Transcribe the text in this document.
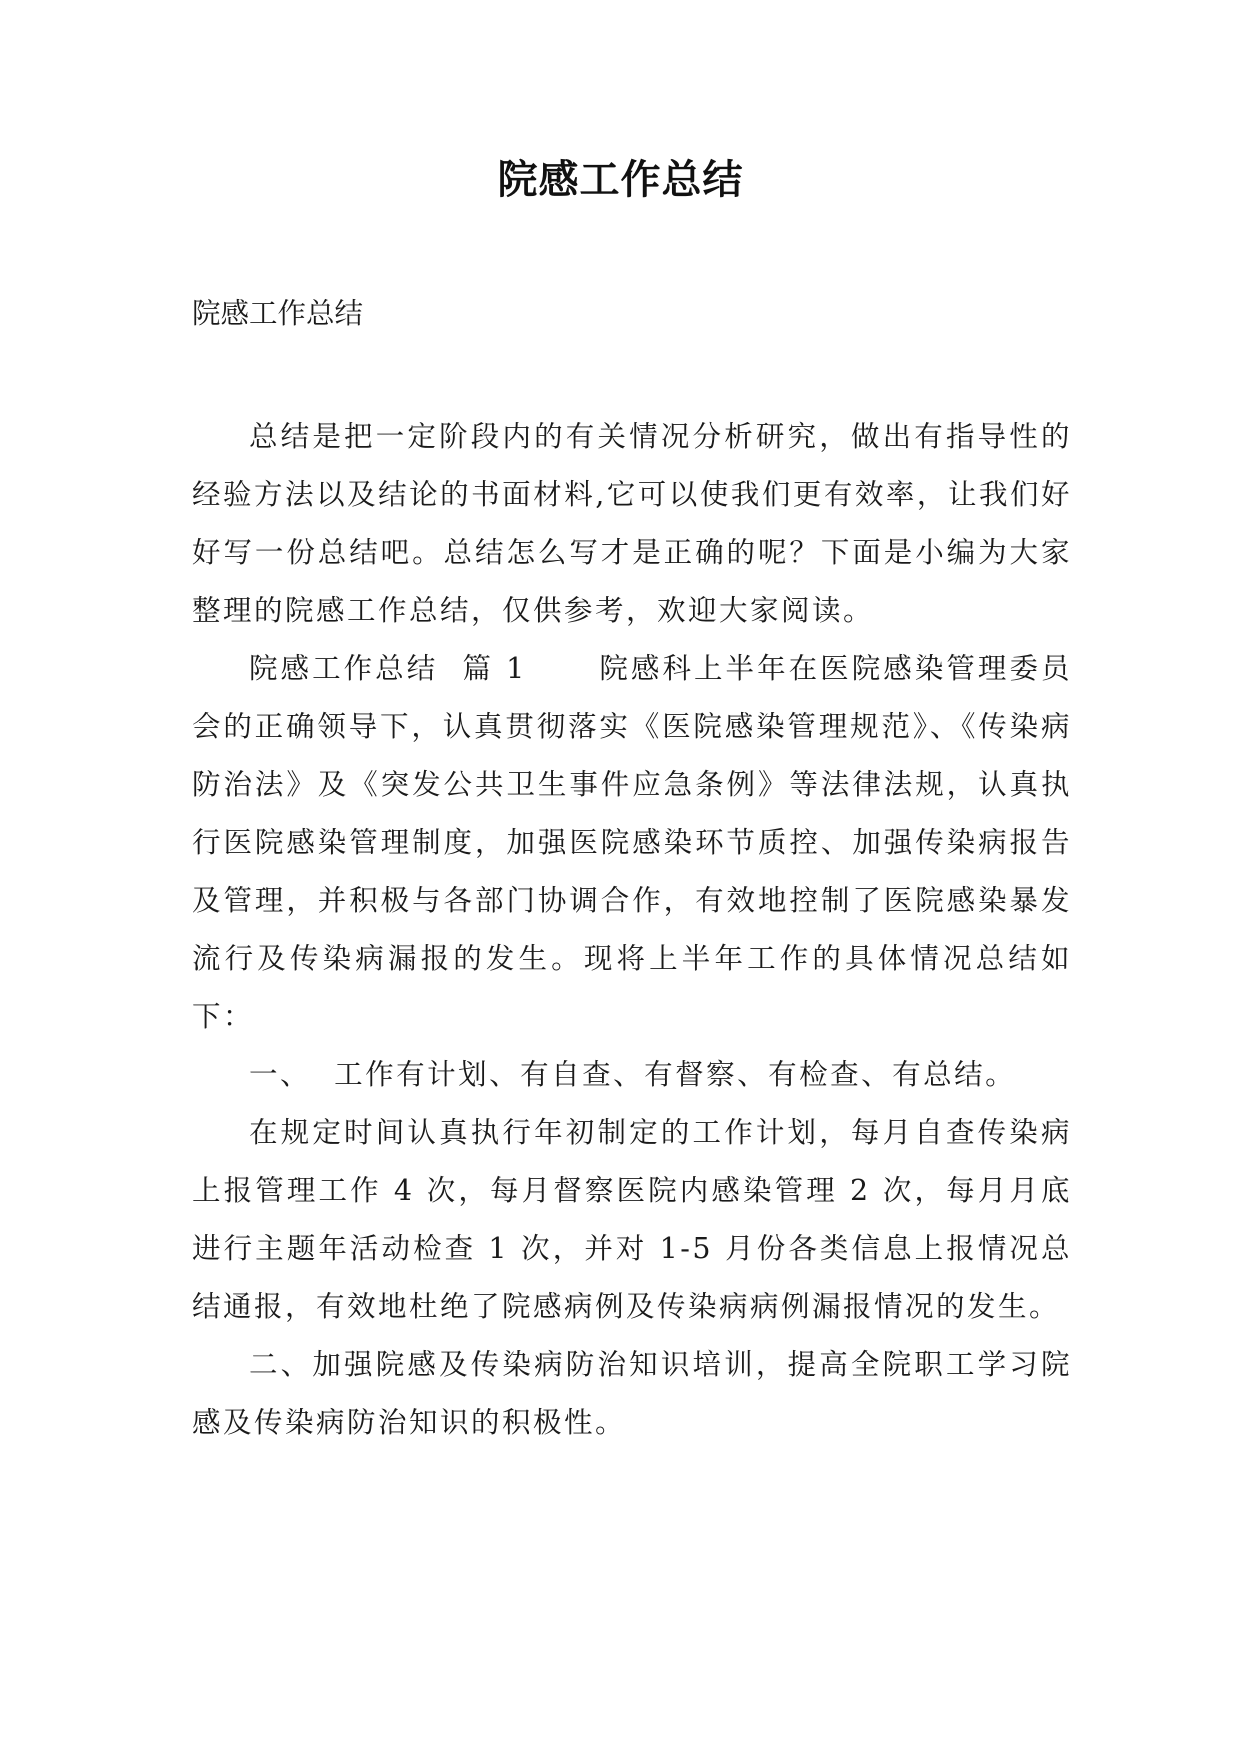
院感工作总结
院感工作总结

总结是把一定阶段内的有关情况分析研究，做出有指导性的经验方法以及结论的书面材料,它可以使我们更有效率，让我们好好写一份总结吧。总结怎么写才是正确的呢？下面是小编为大家整理的院感工作总结，仅供参考，欢迎大家阅读。

院感工作总结  篇 1      院感科上半年在医院感染管理委员会的正确领导下，认真贯彻落实《医院感染管理规范》、《传染病防治法》及《突发公共卫生事件应急条例》等法律法规，认真执行医院感染管理制度，加强医院感染环节质控、加强传染病报告及管理，并积极与各部门协调合作，有效地控制了医院感染暴发流行及传染病漏报的发生。现将上半年工作的具体情况总结如下：

一、  工作有计划、有自查、有督察、有检查、有总结。

在规定时间认真执行年初制定的工作计划，每月自查传染病上报管理工作 4 次，每月督察医院内感染管理 2 次，每月月底进行主题年活动检查 1 次，并对 1-5 月份各类信息上报情况总结通报，有效地杜绝了院感病例及传染病病例漏报情况的发生。

二、加强院感及传染病防治知识培训，提高全院职工学习院感及传染病防治知识的积极性。
